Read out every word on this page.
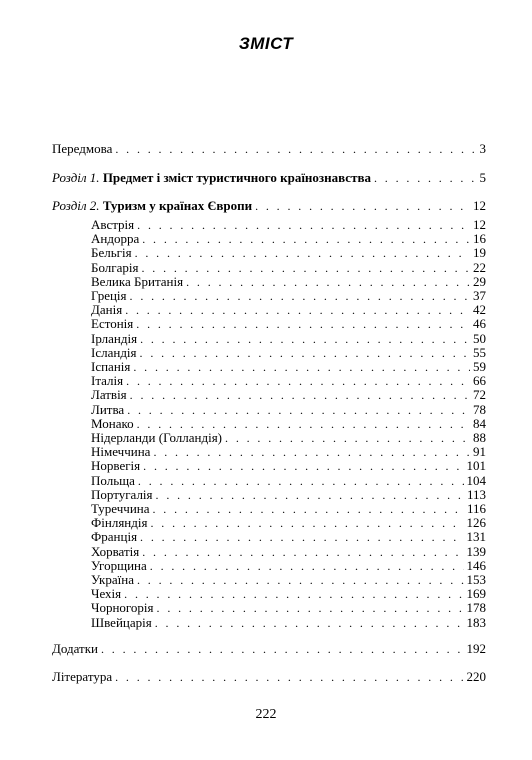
ЗМІСТ
Передмова . . .	3
Розділ 1. Предмет і зміст туристичного країнознавства . . .	5
Розділ 2. Туризм у країнах Європи . . .	12
Австрія . . .	12
Андорра . . .	16
Бельгія . . .	19
Болгарія . . .	22
Велика Британія . . .	29
Греція . . .	37
Данія . . .	42
Естонія . . .	46
Ірландія . . .	50
Ісландія . . .	55
Іспанія . . .	59
Італія . . .	66
Латвія . . .	72
Литва . . .	78
Монако . . .	84
Нідерланди (Голландія) . . .	88
Німеччина . . .	91
Норвегія . . .	101
Польща . . .	104
Португалія . . .	113
Туреччина . . .	116
Фінляндія . . .	126
Франція . . .	131
Хорватія . . .	139
Угорщина . . .	146
Україна . . .	153
Чехія . . .	169
Чорногорія . . .	178
Швейцарія . . .	183
Додатки . . .	192
Література . . .	220
222
